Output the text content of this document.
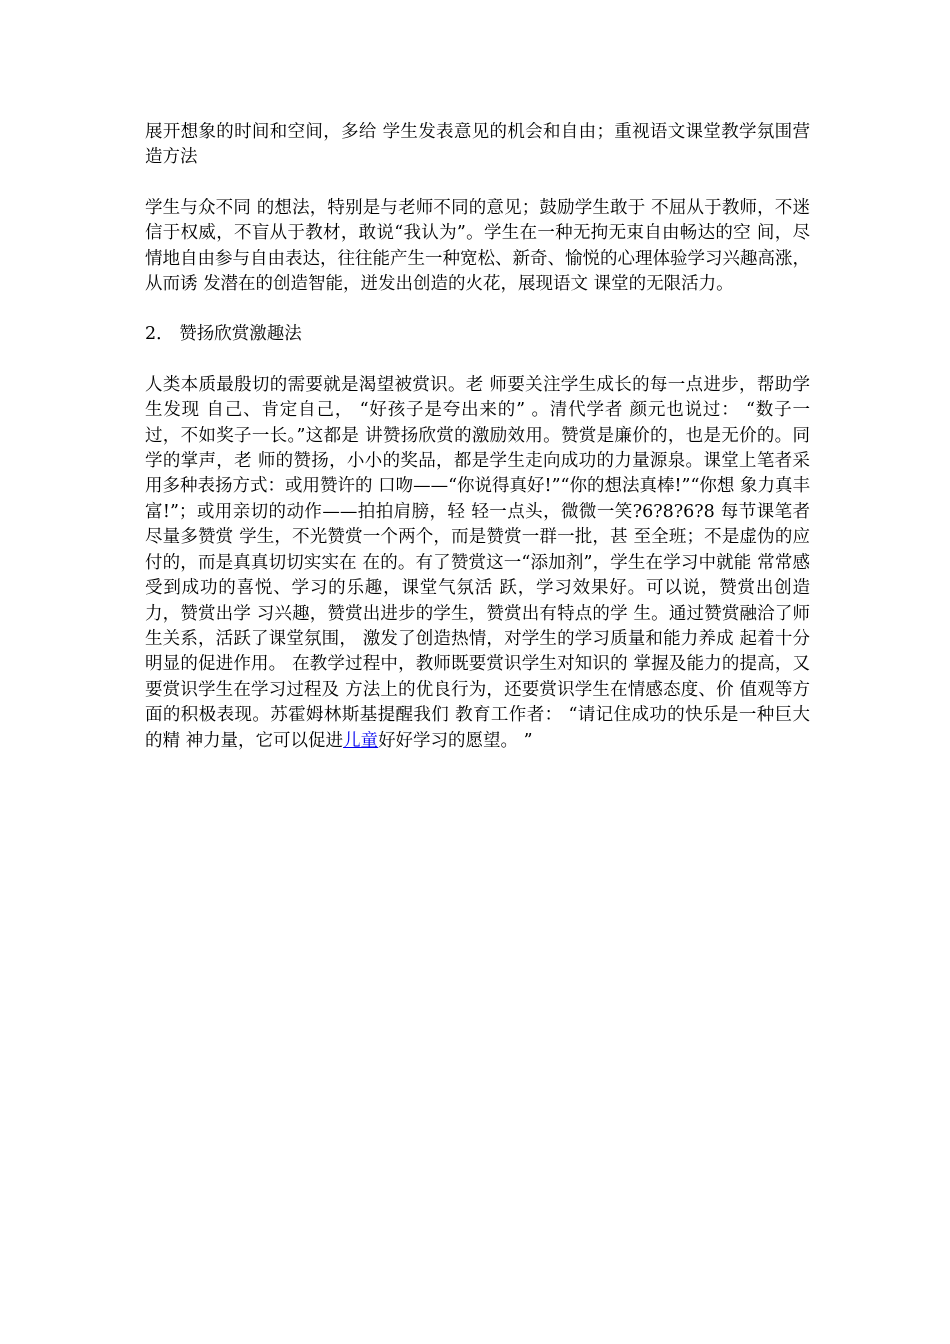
展开想象的时间和空间，多给 学生发表意见的机会和自由；重视语文课堂教学氛围营造方法

学生与众不同 的想法，特别是与老师不同的意见；鼓励学生敢于 不屈从于教师，不迷信于权威，不盲从于教材，敢说“我认为”。学生在一种无拘无束自由畅达的空 间，尽情地自由参与自由表达，往往能产生一种宽松、新奇、愉悦的心理体验学习兴趣高涨，从而诱 发潜在的创造智能，迸发出创造的火花，展现语文 课堂的无限活力。

2． 赞扬欣赏激趣法

人类本质最殷切的需要就是渴望被赏识。老 师要关注学生成长的每一点进步，帮助学生发现 自己、肯定自己， “好孩子是夸出来的” 。清代学者 颜元也说过： “数子一过，不如奖子一长。”这都是 讲赞扬欣赏的激励效用。赞赏是廉价的，也是无价的。同学的掌声，老 师的赞扬，小小的奖品，都是学生走向成功的力量源泉。课堂上笔者采用多种表扬方式：或用赞许的 口吻——“你说得真好!”“你的想法真棒!”“你想 象力真丰富!”；或用亲切的动作——拍拍肩膀，轻 轻一点头，微微一笑?6?8?6?8 每节课笔者尽量多赞赏 学生，不光赞赏一个两个，而是赞赏一群一批，甚 至全班；不是虚伪的应付的，而是真真切切实实在 在的。有了赞赏这一“添加剂”，学生在学习中就能 常常感受到成功的喜悦、学习的乐趣，课堂气氛活 跃，学习效果好。可以说，赞赏出创造力，赞赏出学 习兴趣，赞赏出进步的学生，赞赏出有特点的学 生。通过赞赏融洽了师生关系，活跃了课堂氛围， 激发了创造热情，对学生的学习质量和能力养成 起着十分明显的促进作用。 在教学过程中，教师既要赏识学生对知识的 掌握及能力的提高，又要赏识学生在学习过程及 方法上的优良行为，还要赏识学生在情感态度、价 值观等方面的积极表现。苏霍姆林斯基提醒我们 教育工作者： “请记住成功的快乐是一种巨大的精 神力量，它可以促进儿童好好学习的愿望。 ”
